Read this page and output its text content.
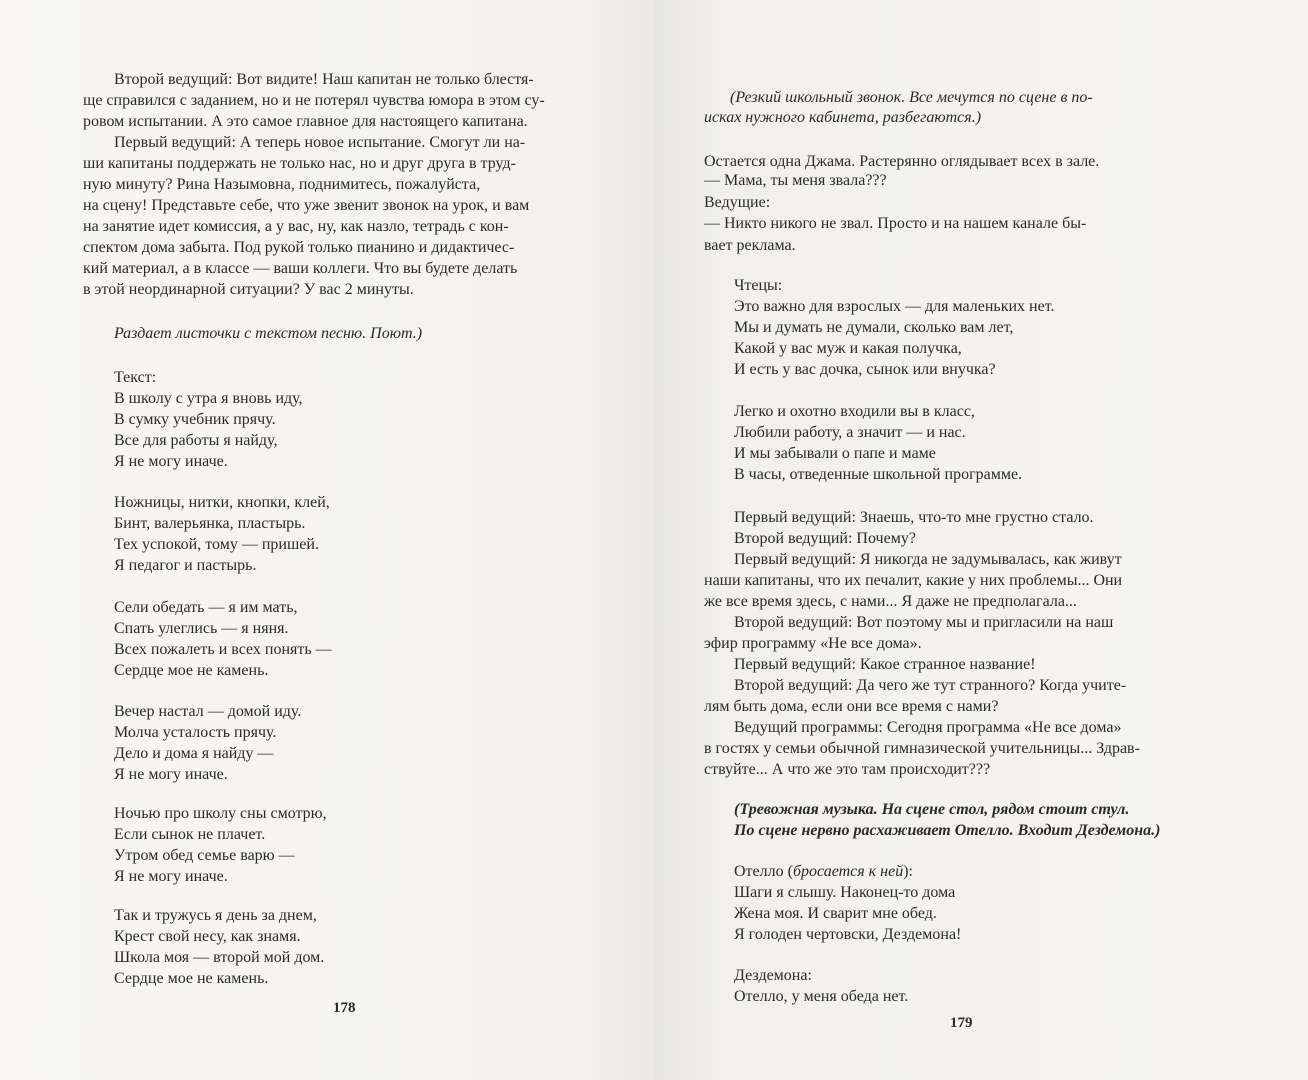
Второй ведущий: Вот видите! Наш капитан не только блестя-
ще справился с заданием, но и не потерял чувства юмора в этом су-
ровом испытании. А это самое главное для настоящего капитана.
Первый ведущий: А теперь новое испытание. Смогут ли на-
ши капитаны поддержать не только нас, но и друг друга в труд-
ную минуту? Рина Назымовна, поднимитесь, пожалуйста,
на сцену! Представьте себе, что уже звенит звонок на урок, и вам
на занятие идет комиссия, а у вас, ну, как назло, тетрадь с кон-
спектом дома забыта. Под рукой только пианино и дидактичес-
кий материал, а в классе — ваши коллеги. Что вы будете делать
в этой неординарной ситуации? У вас 2 минуты.
Раздает листочки с текстом песню. Поют.)
Текст:
В школу с утра я вновь иду,
В сумку учебник прячу.
Все для работы я найду,
Я не могу иначе.
Ножницы, нитки, кнопки, клей,
Бинт, валерьянка, пластырь.
Тех успокой, тому — пришей.
Я педагог и пастырь.
Сели обедать — я им мать,
Спать улеглись — я няня.
Всех пожалеть и всех понять —
Сердце мое не камень.
Вечер настал — домой иду.
Молча усталость прячу.
Дело и дома я найду —
Я не могу иначе.
Ночью про школу сны смотрю,
Если сынок не плачет.
Утром обед семье варю —
Я не могу иначе.
Так и тружусь я день за днем,
Крест свой несу, как знамя.
Школа моя — второй мой дом.
Сердце мое не камень.
178
(Резкий школьный звонок. Все мечутся по сцене в по-
исках нужного кабинета, разбегаются.)
Остается одна Джама. Растерянно оглядывает всех в зале.
— Мама, ты меня звала???
Ведущие:
— Никто никого не звал. Просто и на нашем канале бы-
вает реклама.
Чтецы:
Это важно для взрослых — для маленьких нет.
Мы и думать не думали, сколько вам лет,
Какой у вас муж и какая получка,
И есть у вас дочка, сынок или внучка?
Легко и охотно входили вы в класс,
Любили работу, а значит — и нас.
И мы забывали о папе и маме
В часы, отведенные школьной программе.
Первый ведущий: Знаешь, что-то мне грустно стало.
Второй ведущий: Почему?
Первый ведущий: Я никогда не задумывалась, как живут
наши капитаны, что их печалит, какие у них проблемы... Они
же все время здесь, с нами... Я даже не предполагала...
Второй ведущий: Вот поэтому мы и пригласили на наш
эфир программу «Не все дома».
Первый ведущий: Какое странное название!
Второй ведущий: Да чего же тут странного? Когда учите-
лям быть дома, если они все время с нами?
Ведущий программы: Сегодня программа «Не все дома»
в гостях у семьи обычной гимназической учительницы... Здрав-
ствуйте... А что же это там происходит???
(Тревожная музыка. На сцене стол, рядом стоит стул.
По сцене нервно расхаживает Отелло. Входит Дездемона.)
Отелло (бросается к ней):
Шаги я слышу. Наконец-то дома
Жена моя. И сварит мне обед.
Я голоден чертовски, Дездемона!
Дездемона:
Отелло, у меня обеда нет.
179
